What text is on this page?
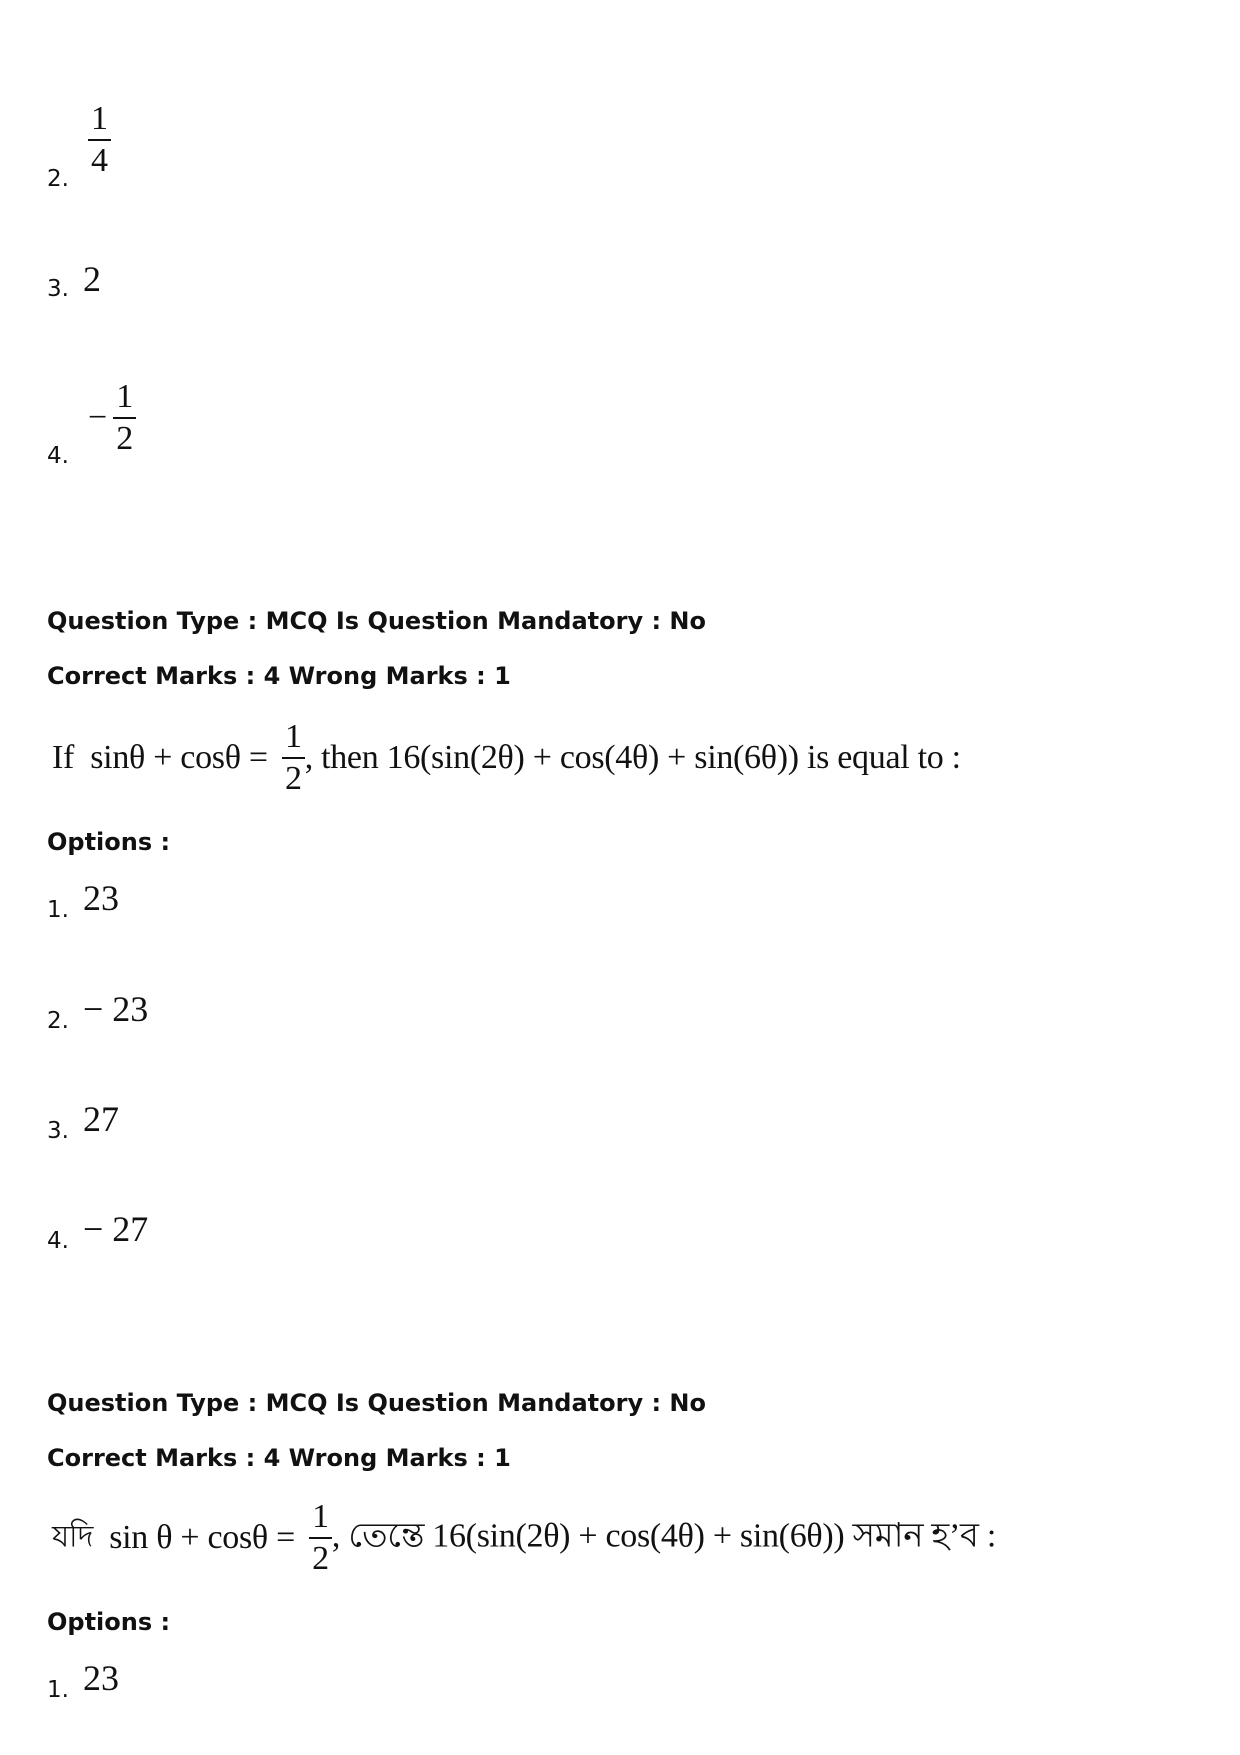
2.
$\frac{1}{4}$
3. 2
4.
− $\frac{1}{2}$
Question Type : MCQ Is Question Mandatory : No
Correct Marks : 4 Wrong Marks : 1
If $\sin\theta + \cos\theta = \frac{1}{2}$ , then 16(sin(2θ) + cos(4θ) + sin(6θ)) is equal to :
Options :
1. 23
2. − 23
3. 27
4. − 27
Question Type : MCQ Is Question Mandatory : No
Correct Marks : 4 Wrong Marks : 1
যদি $\sin \theta + \cos\theta = \frac{1}{2}$ , তেন্তে 16(sin(2θ) + cos(4θ) + sin(6θ)) সমান হ’ব :
Options :
1. 23
